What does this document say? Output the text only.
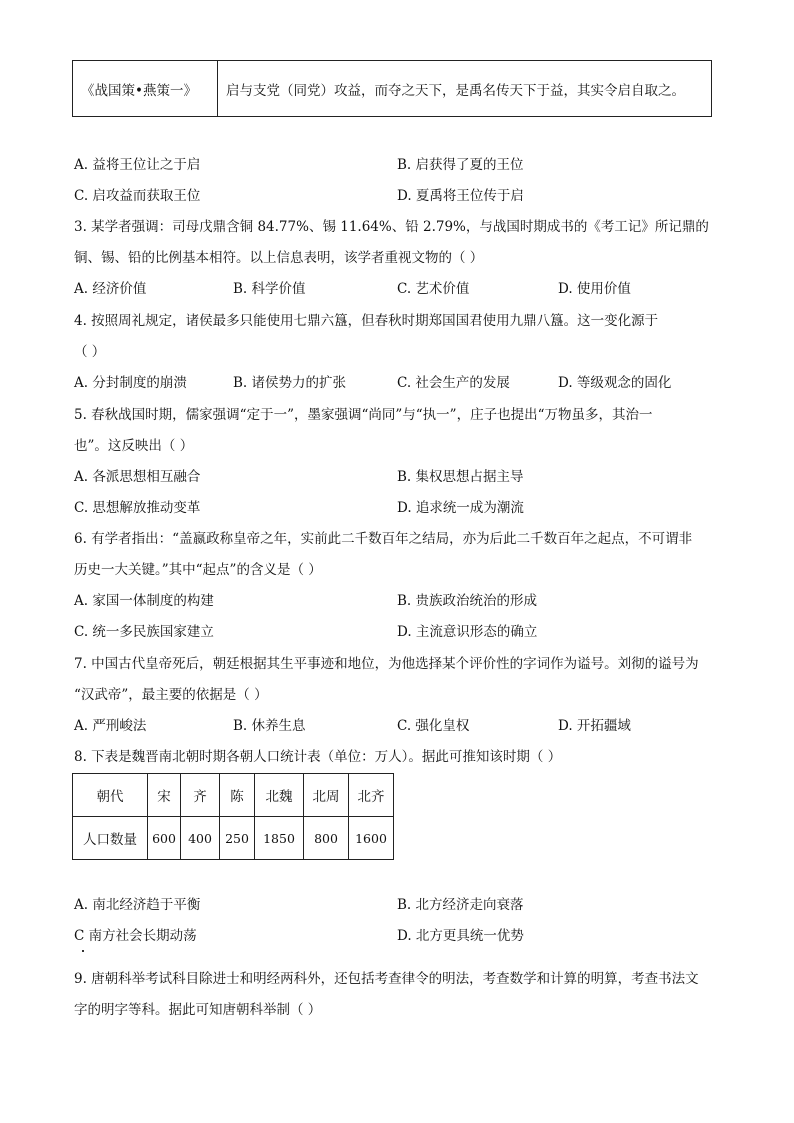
《战国策•燕策一》	启与支党（同党）攻益，而夺之天下，是禹名传天下于益，其实令启自取之。
A. 益将王位让之于启	B. 启获得了夏的王位
C. 启攻益而获取王位	D. 夏禹将王位传于启
3. 某学者强调：司母戊鼎含铜 84.77%、锡 11.64%、铅 2.79%，与战国时期成书的《考工记》所记鼎的
铜、锡、铅的比例基本相符。以上信息表明，该学者重视文物的（ ）
A. 经济价值	B. 科学价值	C. 艺术价值	D. 使用价值
4. 按照周礼规定，诸侯最多只能使用七鼎六簋，但春秋时期郑国国君使用九鼎八簋。这一变化源于
（ ）
A. 分封制度的崩溃	B. 诸侯势力的扩张	C. 社会生产的发展	D. 等级观念的固化
5. 春秋战国时期，儒家强调“定于一”，墨家强调“尚同”与“执一”，庄子也提出“万物虽多，其治一
也”。这反映出（ ）
A. 各派思想相互融合	B. 集权思想占据主导
C. 思想解放推动变革	D. 追求统一成为潮流
6. 有学者指出：“盖嬴政称皇帝之年，实前此二千数百年之结局，亦为后此二千数百年之起点，不可谓非
历史一大关键。”其中“起点”的含义是（ ）
A. 家国一体制度的构建	B. 贵族政治统治的形成
C. 统一多民族国家建立	D. 主流意识形态的确立
7. 中国古代皇帝死后，朝廷根据其生平事迹和地位，为他选择某个评价性的字词作为谥号。刘彻的谥号为
“汉武帝”，最主要的依据是（ ）
A. 严刑峻法	B. 休养生息	C. 强化皇权	D. 开拓疆域
8. 下表是魏晋南北朝时期各朝人口统计表（单位：万人）。据此可推知该时期（ ）
朝代	宋	齐	陈	北魏	北周	北齐
人口数量	600	400	250	1850	800	1600
A. 南北经济趋于平衡	B. 北方经济走向衰落
C 南方社会长期动荡	D. 北方更具统一优势
9. 唐朝科举考试科目除进士和明经两科外，还包括考查律令的明法，考查数学和计算的明算，考查书法文
字的明字等科。据此可知唐朝科举制（ ）
